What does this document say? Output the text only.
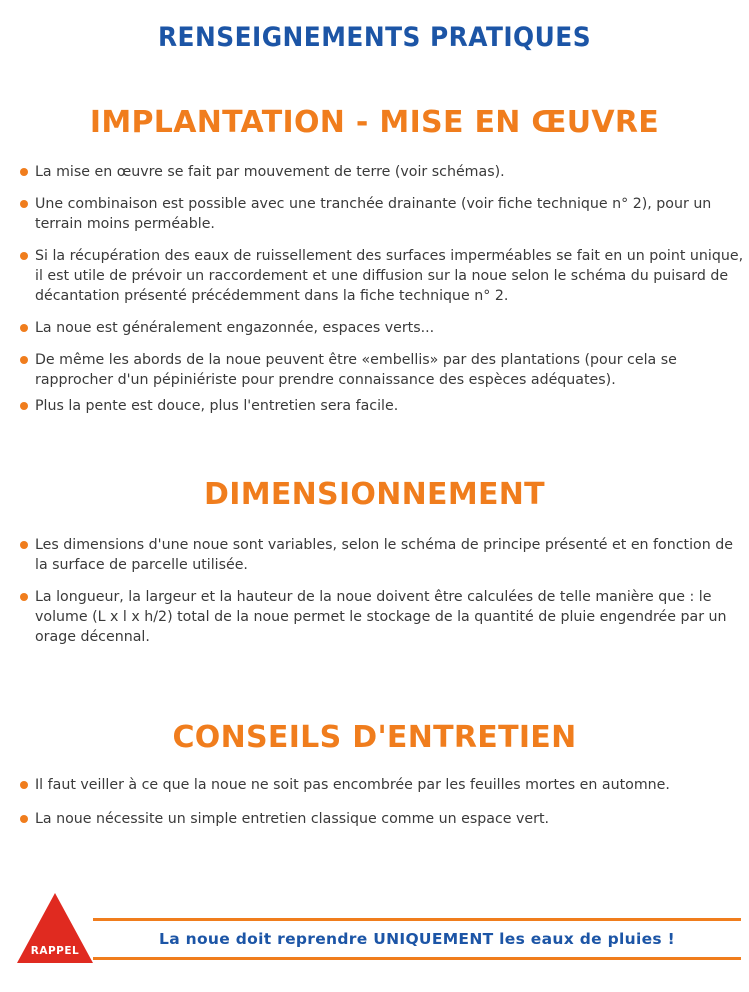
RENSEIGNEMENTS PRATIQUES
IMPLANTATION - MISE EN ŒUVRE
La mise en œuvre se fait par mouvement de terre (voir schémas).
Une combinaison est possible avec une tranchée drainante (voir fiche technique n° 2), pour un terrain moins perméable.
Si la récupération des eaux de ruissellement des surfaces imperméables se fait en un point unique, il est utile de prévoir un raccordement et une diffusion sur la noue selon le schéma du puisard de décantation présenté précédemment dans la fiche technique n° 2.
La noue est généralement engazonnée, espaces verts...
De même les abords de la noue peuvent être «embellis» par des plantations (pour cela se rapprocher d'un pépiniériste pour prendre connaissance des espèces adéquates).
Plus la pente est douce, plus l'entretien sera facile.
DIMENSIONNEMENT
Les dimensions d'une noue sont variables, selon le schéma de principe présenté et en fonction de la surface de parcelle utilisée.
La longueur, la largeur et la hauteur de la noue doivent être calculées de telle manière que : le volume (L x l x h/2) total de la noue permet le stockage de la quantité de pluie engendrée par un orage décennal.
CONSEILS D'ENTRETIEN
Il faut veiller à ce que la noue ne soit pas encombrée par les feuilles mortes en automne.
La noue nécessite un simple entretien classique comme un espace vert.
RAPPEL
La noue doit reprendre UNIQUEMENT les eaux de pluies !
